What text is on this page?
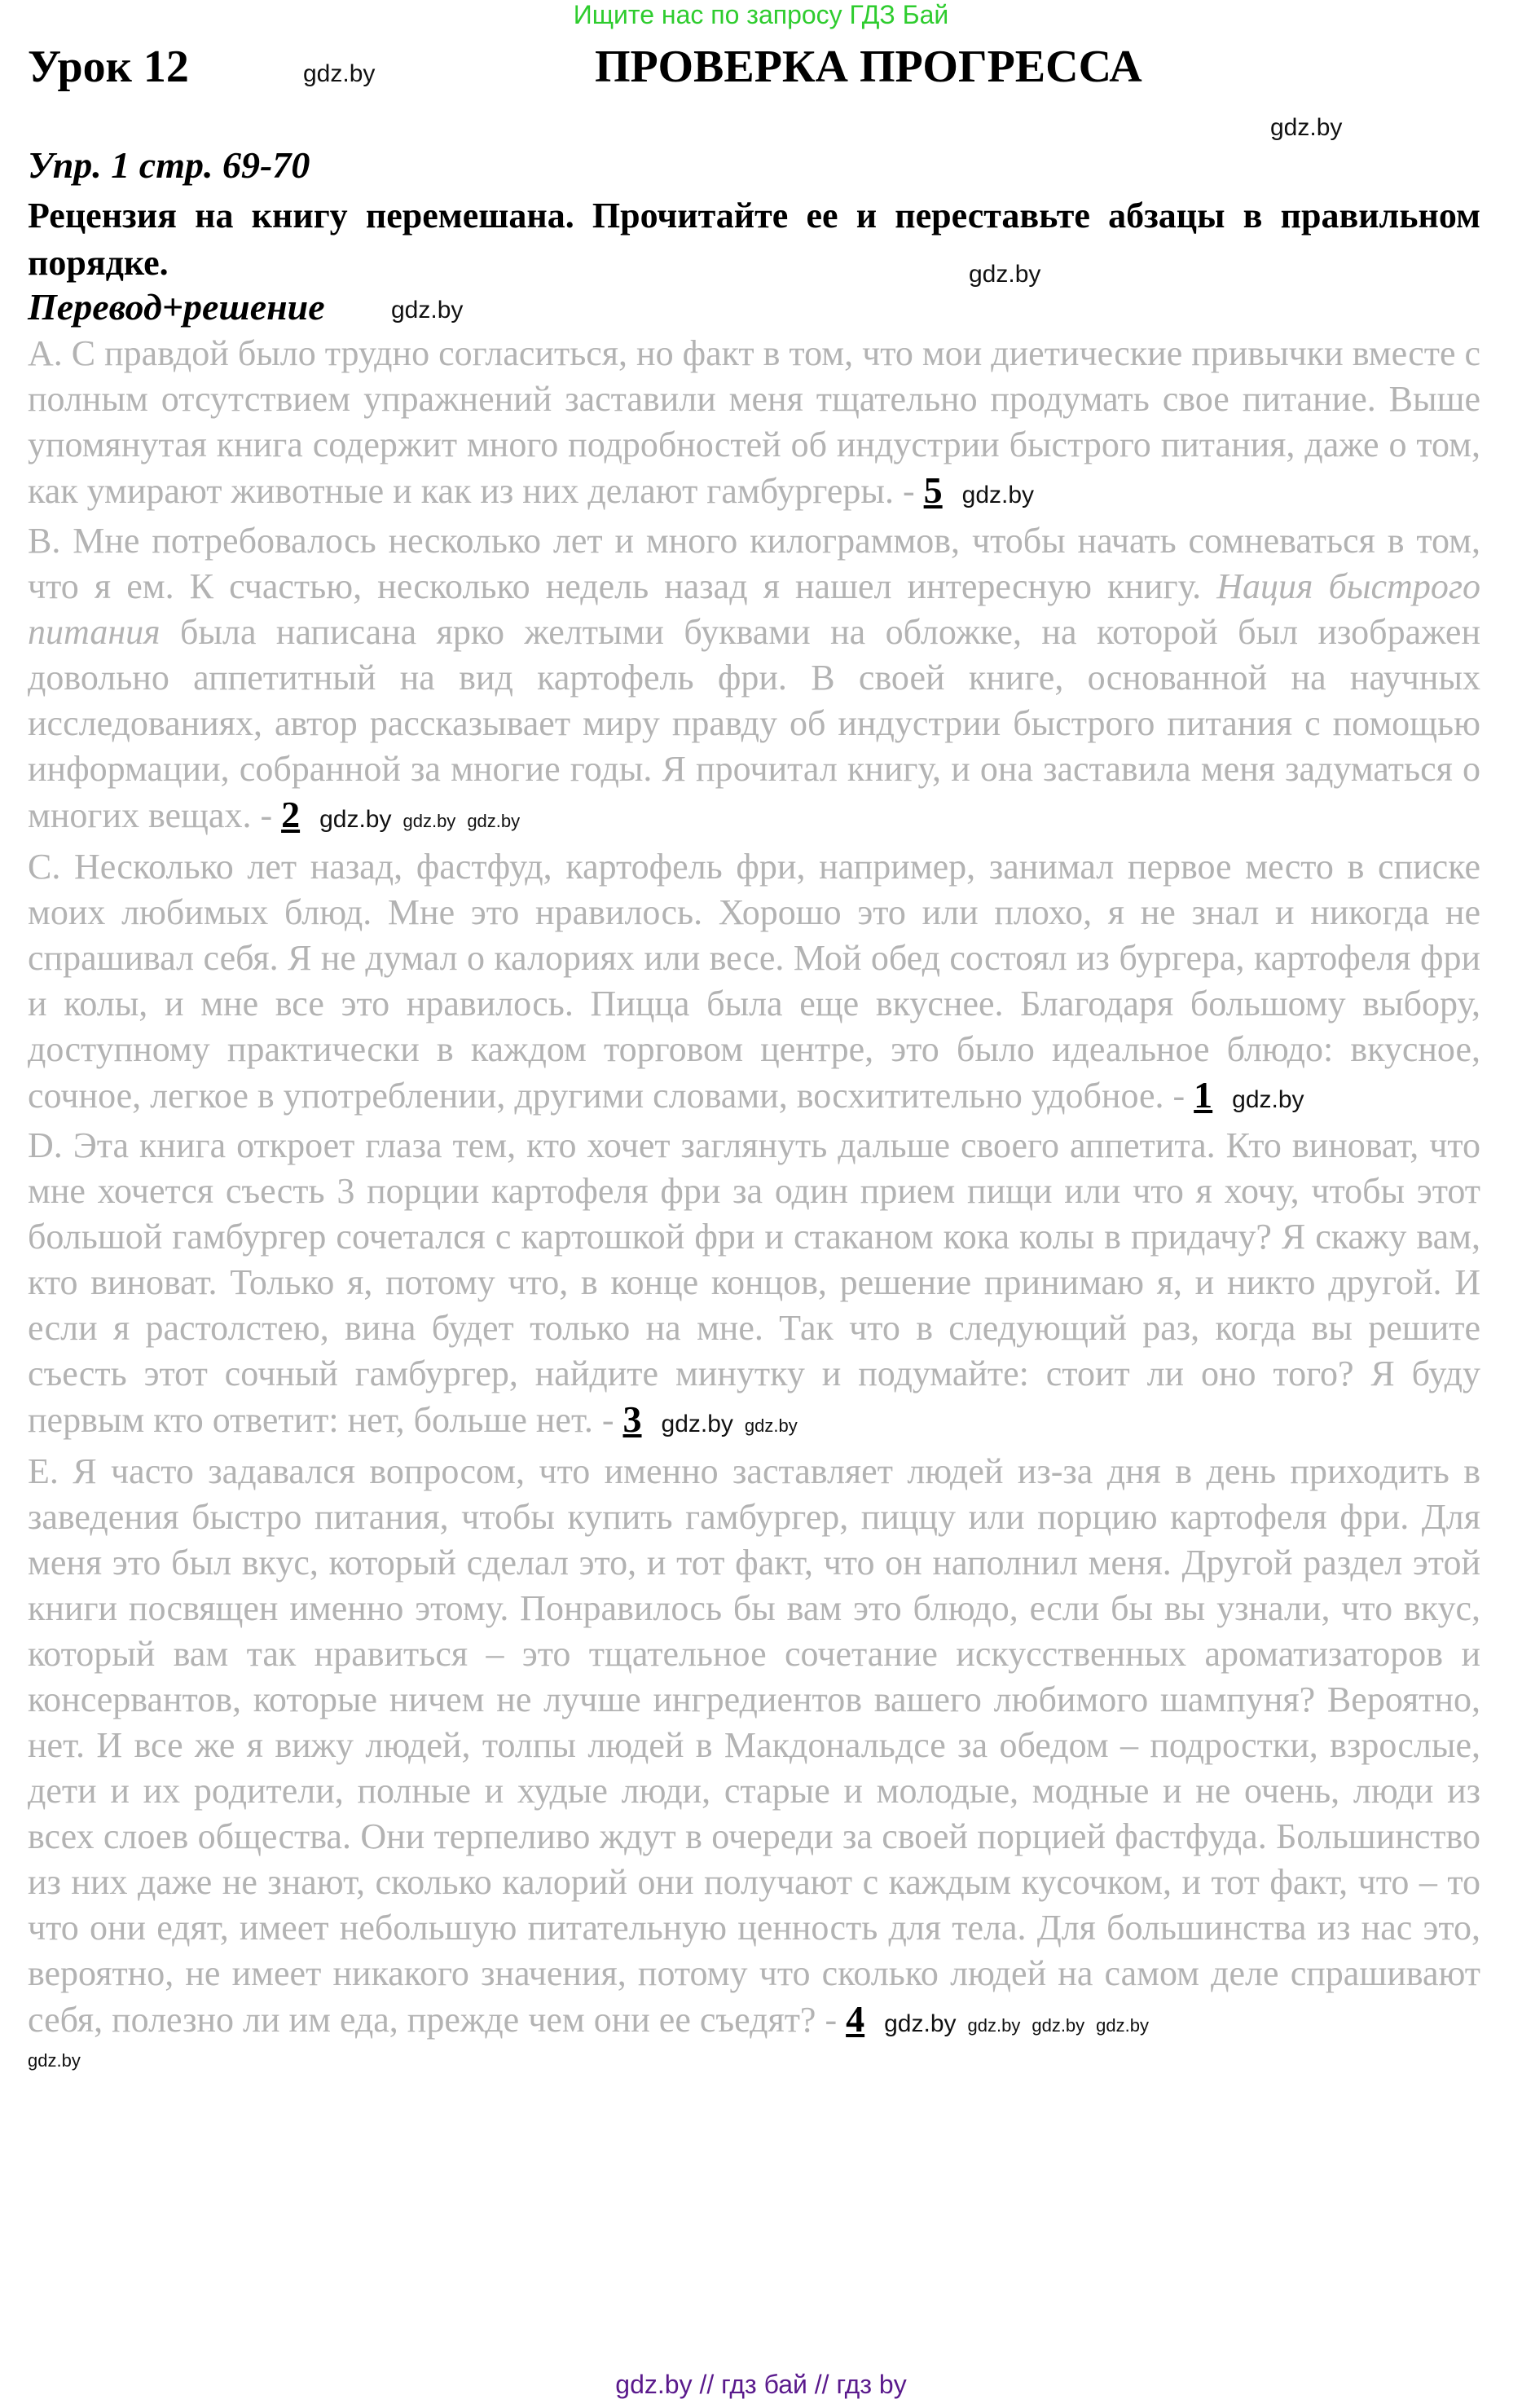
Ищите нас по запросу ГДЗ Бай
Урок 12	ПРОВЕРКА ПРОГРЕССА
Упр. 1 стр. 69-70
Рецензия на книгу перемешана. Прочитайте ее и переставьте абзацы в правильном порядке.
Перевод+решение

A. С правдой было трудно согласиться, но факт в том, что мои диетические привычки вместе с полным отсутствием упражнений заставили меня тщательно продумать свое питание. Выше упомянутая книга содержит много подробностей об индустрии быстрого питания, даже о том, как умирают животные и как из них делают гамбургеры. - 5 gdz.by

B. Мне потребовалось несколько лет и много килограммов, чтобы начать сомневаться в том, что я ем. К счастью, несколько недель назад я нашел интересную книгу. Нация быстрого питания была написана ярко желтыми буквами на обложке, на которой был изображен довольно аппетитный на вид картофель фри. В своей книге, основанной на научных исследованиях, автор рассказывает миру правду об индустрии быстрого питания с помощью информации, собранной за многие годы. Я прочитал книгу, и она заставила меня задуматься о многих вещах. - 2 gdz.by gdz.by gdz.by

C. Несколько лет назад, фастфуд, картофель фри, например, занимал первое место в списке моих любимых блюд. Мне это нравилось. Хорошо это или плохо, я не знал и никогда не спрашивал себя. Я не думал о калориях или весе. Мой обед состоял из бургера, картофеля фри и колы, и мне все это нравилось. Пицца была еще вкуснее. Благодаря большому выбору, доступному практически в каждом торговом центре, это было идеальное блюдо: вкусное, сочное, легкое в употреблении, другими словами, восхитительно удобное. - 1 gdz.by

D. Эта книга откроет глаза тем, кто хочет заглянуть дальше своего аппетита. Кто виноват, что мне хочется съесть 3 порции картофеля фри за один прием пищи или что я хочу, чтобы этот большой гамбургер сочетался с картошкой фри и стаканом кока колы в придачу? Я скажу вам, кто виноват. Только я, потому что, в конце концов, решение принимаю я, и никто другой. И если я растолстею, вина будет только на мне. Так что в следующий раз, когда вы решите съесть этот сочный гамбургер, найдите минутку и подумайте: стоит ли оно того? Я буду первым кто ответит: нет, больше нет. - 3 gdz.by gdz.by

E. Я часто задавался вопросом, что именно заставляет людей из-за дня в день приходить в заведения быстро питания, чтобы купить гамбургер, пиццу или порцию картофеля фри. Для меня это был вкус, который сделал это, и тот факт, что он наполнил меня. Другой раздел этой книги посвящен именно этому. Понравилось бы вам это блюдо, если бы вы узнали, что вкус, который вам так нравиться – это тщательное сочетание искусственных ароматизаторов и консервантов, которые ничем не лучше ингредиентов вашего любимого шампуня? Вероятно, нет. И все же я вижу людей, толпы людей в Макдональдсе за обедом – подростки, взрослые, дети и их родители, полные и худые люди, старые и молодые, модные и не очень, люди из всех слоев общества. Они терпеливо ждут в очереди за своей порцией фастфуда. Большинство из них даже не знают, сколько калорий они получают с каждым кусочком, и тот факт, что – то что они едят, имеет небольшую питательную ценность для тела. Для большинства из нас это, вероятно, не имеет никакого значения, потому что сколько людей на самом деле спрашивают себя, полезно ли им еда, прежде чем они ее съедят? - 4 gdz.by gdz.by gdz.by gdz.by

gdz.by
gdz.by
gdz.by
gdz.by
gdz.by
gdz.by // гдз бай // гдз by
